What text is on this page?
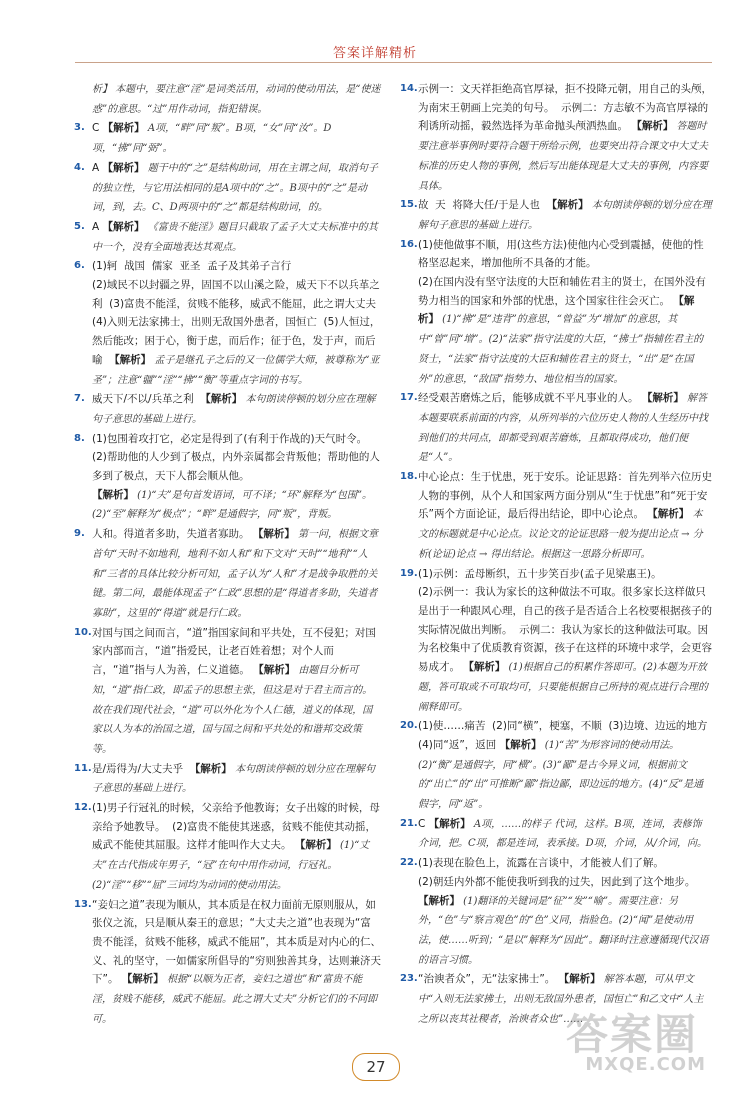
答案详解精析

析】 本题中，要注意“淫”是词类活用，动词的使动用法，是“使迷惑”的意思。“过”用作动词，指犯错误。

3. C 【解析】 A项，“畔”同“叛”。B项，“女”同“汝”。D项，“拂”同“弼”。

4. A 【解析】 题干中的“之”是结构助词，用在主谓之间，取消句子的独立性，与它用法相同的是A项中的“之”。B项中的“之”是动词，到，去。C、D两项中的“之”都是结构助词，的。

5. A 【解析】 《富贵不能淫》题目只截取了孟子大丈夫标准中的其中一个，没有全面地表达其观点。

6. (1)轲  战国  儒家  亚圣  孟子及其弟子言行
(2)域民不以封疆之界，固国不以山溪之险，威天下不以兵革之利  (3)富贵不能淫，贫贱不能移，威武不能屈，此之谓大丈夫  (4)入则无法家拂士，出则无敌国外患者，国恒亡  (5)人恒过，然后能改；困于心，衡于虑，而后作；征于色，发于声，而后喻  【解析】 孟子是继孔子之后的又一位儒学大师，被尊称为“亚圣”；注意“疆”“淫”“拂”“衡”等重点字词的书写。

7. 威天下/不以/兵革之利  【解析】 本句朗读停顿的划分应在理解句子意思的基础上进行。

8. (1)包围着攻打它，必定是得到了(有利于作战的)天气时令。  (2)帮助他的人少到了极点，内外亲属都会背叛他；帮助他的人多到了极点，天下人都会顺从他。
【解析】 (1)“夫”是句首发语词，可不译；“环”解释为“包围”。 (2)“至”解释为“极点”；“畔”是通假字，同“叛”，背叛。

9. 人和。得道者多助，失道者寡助。 【解析】 第一问，根据文章首句“天时不如地利，地利不如人和”和下文对“天时”“地利”“人和”三者的具体比较分析可知，孟子认为“人和”才是战争取胜的关键。第二问，最能体现孟子“仁政”思想的是“得道者多助，失道者寡助”，这里的“得道”就是行仁政。

10. 对国与国之间而言，“道”指国家间和平共处，互不侵犯；对国家内部而言，“道”指爱民，让老百姓着想；对个人而言，“道”指与人为善，仁义道德。 【解析】 由题目分析可知，“道”指仁政，即孟子的思想主张，但这是对于君主而言的。故在我们现代社会，“道”可以外化为个人仁德，道义的体现，国家以人为本的治国之道，国与国之间和平共处的和谐邦交政策等。

11. 是/焉得为/大丈夫乎  【解析】 本句朗读停顿的划分应在理解句子意思的基础上进行。

12. (1)男子行冠礼的时候，父亲给予他教诲；女子出嫁的时候，母亲给予她教导。  (2)富贵不能使其迷惑，贫贱不能使其动摇，威武不能使其屈服。这样才能叫作大丈夫。 【解析】 (1)“丈夫”在古代指成年男子，“冠”在句中用作动词，行冠礼。 (2)“淫”“移”“屈”三词均为动词的使动用法。

13. “妾妇之道”表现为顺从，其本质是在权力面前无原则服从，如张仪之流，只是顺从秦王的意思；“大丈夫之道”也表现为“富贵不能淫，贫贱不能移，威武不能屈”，其本质是对内心的仁、义、礼的坚守，一如儒家所倡导的“穷则独善其身，达则兼济天下”。 【解析】 根据“以顺为正者，妾妇之道也”和“富贵不能淫，贫贱不能移，威武不能屈。此之谓大丈夫”分析它们的不同即可。

14. 示例一：文天祥拒绝高官厚禄，拒不投降元朝，用自己的头颅，为南宋王朝画上完美的句号。  示例二：方志敏不为高官厚禄的利诱所动摇，毅然选择为革命抛头颅洒热血。 【解析】 答题时要注意举事例时要符合题干所给示例，也要突出符合课文中大丈夫标准的历史人物的事例，然后写出能体现是大丈夫的事例，内容要具体。

15. 故  天  将降大任/于是人也  【解析】 本句朗读停顿的划分应在理解句子意思的基础上进行。

16. (1)使他做事不顺，用(这些方法)使他内心受到震撼，使他的性格坚忍起来，增加他所不具备的才能。
(2)在国内没有坚守法度的大臣和辅佐君主的贤士，在国外没有势力相当的国家和外部的忧患，这个国家往往会灭亡。 【解析】 (1)“拂”是“违背”的意思，“曾益”为“增加”的意思，其中“曾”同“增”。(2)“法家”指守法度的大臣，“拂士”指辅佐君主的贤士，“法家”指守法度的大臣和辅佐君主的贤士，“出”是“在国外”的意思，“敌国”指势力、地位相当的国家。

17. 经受艰苦磨炼之后，能够成就不平凡事业的人。 【解析】 解答本题要联系前面的内容，从所列举的六位历史人物的人生经历中找到他们的共同点，即都受到艰苦磨炼，且都取得成功，他们便是“人”。

18. 中心论点：生于忧患，死于安乐。论证思路：首先列举六位历史人物的事例，从个人和国家两方面分别从“生于忧患”和“死于安乐”两个方面论证，最后得出结论，即中心论点。 【解析】 本文的标题就是中心论点。议论文的论证思路一般为提出论点 → 分析(论证)论点 → 得出结论。根据这一思路分析即可。

19. (1)示例：孟母断织，五十步笑百步(孟子见梁惠王)。
(2)示例一：我认为家长的这种做法不可取。很多家长这样做只是出于一种跟风心理，自己的孩子是否适合上名校要根据孩子的实际情况做出判断。  示例二：我认为家长的这种做法可取。因为名校集中了优质教育资源，孩子在这样的环境中求学，会更容易成才。 【解析】 (1)根据自己的积累作答即可。(2)本题为开放题，答可取或不可取均可，只要能根据自己所持的观点进行合理的阐释即可。

20. (1)使……痛苦  (2)同“横”，梗塞，不顺  (3)边境、边远的地方  (4)同“返”，返回 【解析】 (1)“苦”为形容词的使动用法。(2)“衡”是通假字，同“横”。(3)“鄙”是古今异义词，根据前文的“出亡”的“出”可推断“鄙”指边鄙，即边远的地方。(4)“反”是通假字，同“返”。

21. C 【解析】 A项，……的样子 代词，这样。B项，连词，表修饰 介词，把。C项，都是连词，表承接。D项，介词，从/介词，向。

22. (1)表现在脸色上，流露在言谈中，才能被人们了解。
(2)朝廷内外都不能使我听到我的过失，因此到了这个地步。 【解析】 (1)翻译的关键词是“征”“发”“喻”。需要注意：另外，“色”与“察言观色”的“色”义同，指脸色。(2)“闻”是使动用法，使……听到；“是以”解释为“因此”。翻译时注意遵循现代汉语的语言习惯。

23. “治谀者众”，无“法家拂士”。 【解析】 解答本题，可从甲文中“入则无法家拂士，出则无敌国外患者，国恒亡”和乙文中“人主之所以丧其社稷者，治谀者众也”……

27
答案圈
MXQE.COM
